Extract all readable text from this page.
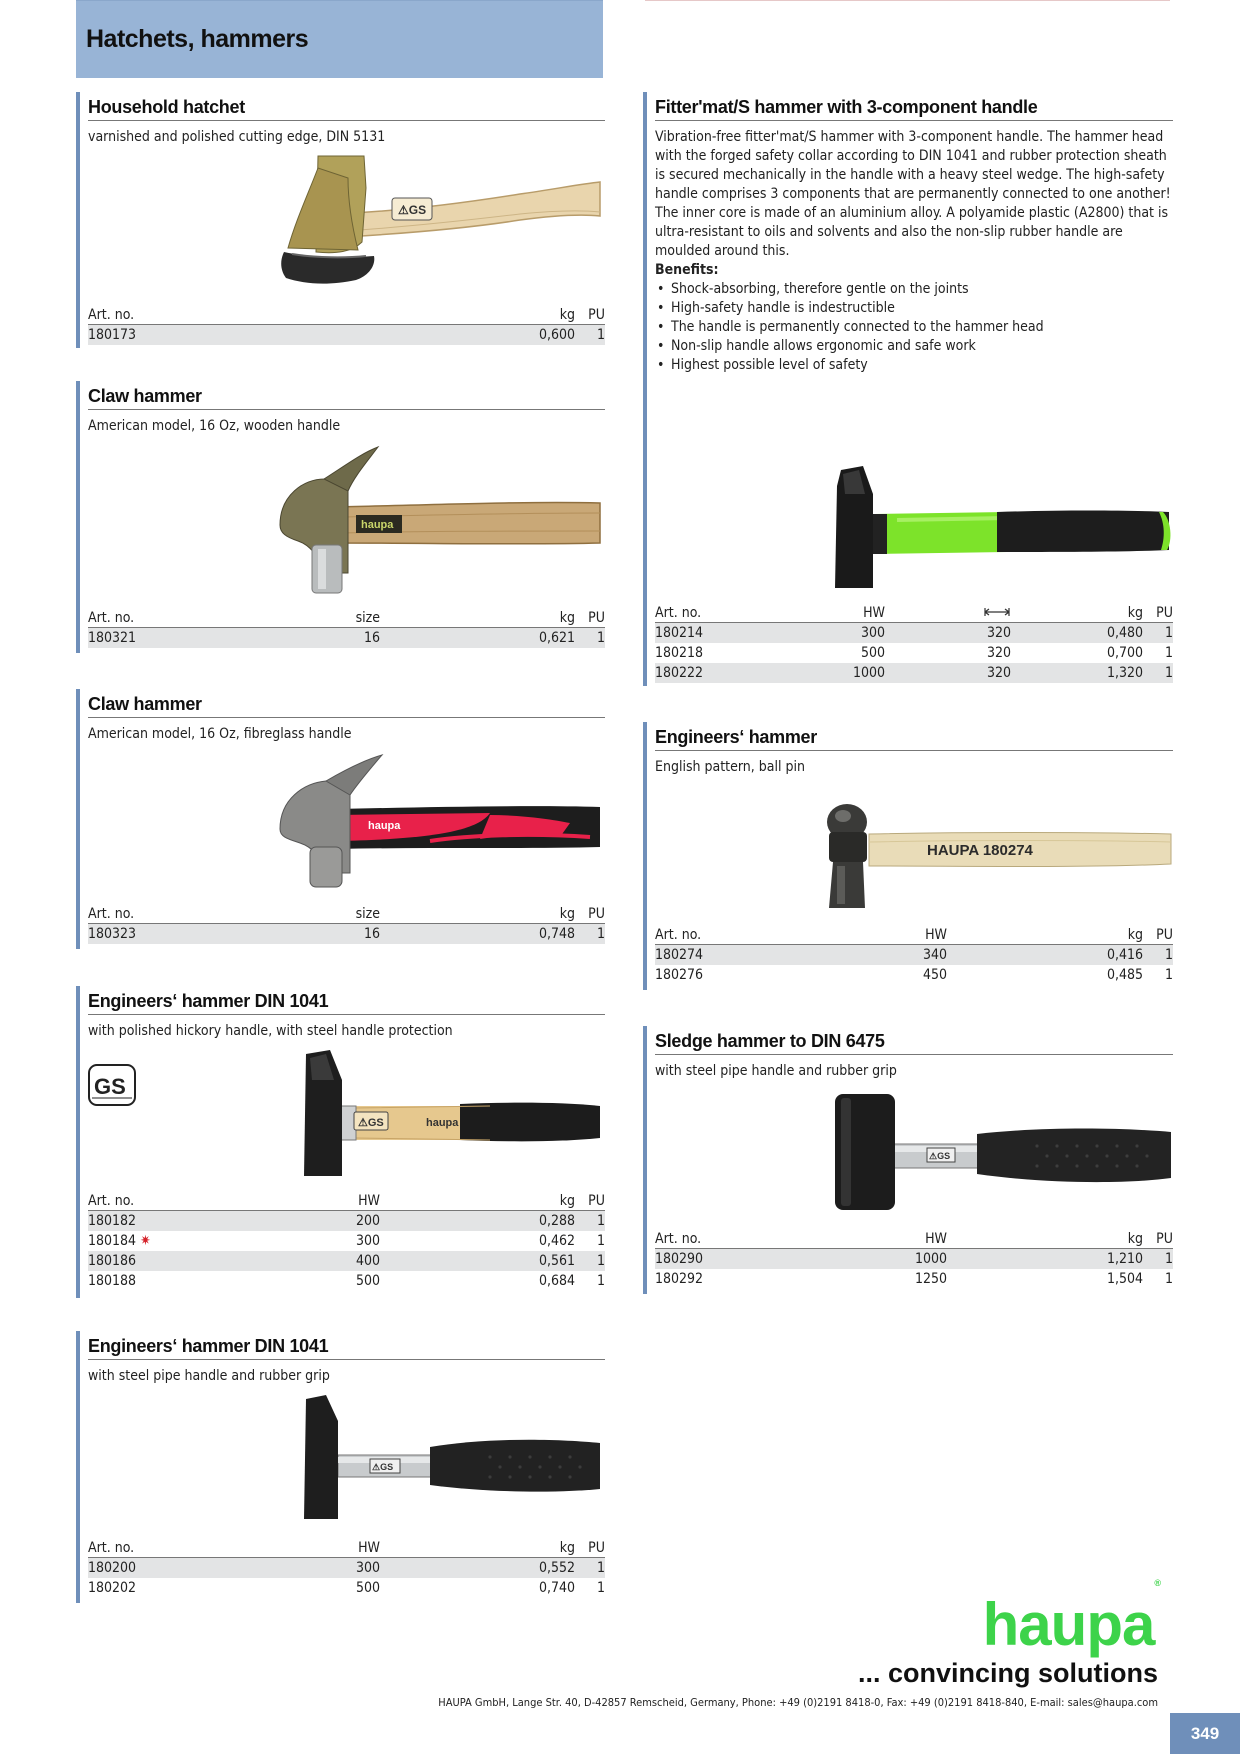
Hatchets, hammers
Household hatchet
varnished and polished cutting edge, DIN 5131
⚠GS
Art. no.	kg	PU
180173	0,600	1
Claw hammer
American model, 16 Oz, wooden handle
haupa
Art. no.	size	kg	PU
180321	16	0,621	1
Claw hammer
American model, 16 Oz, fibreglass handle
haupa
Art. no.	size	kg	PU
180323	16	0,748	1
Engineers‘ hammer DIN 1041
with polished hickory handle, with steel handle protection
⚠GS	haupa
Art. no.	HW	kg	PU
180182	200	0,288	1
180184 ✷	300	0,462	1
180186	400	0,561	1
180188	500	0,684	1
GS
Engineers‘ hammer DIN 1041
with steel pipe handle and rubber grip
⚠GS
Art. no.	HW	kg	PU
180200	300	0,552	1
180202	500	0,740	1
Fitter'mat/S hammer with 3-component handle

Vibration-free fitter'mat/S hammer with 3-component handle. The hammer head with the forged safety collar according to DIN 1041 and rubber protection sheath is secured mechanically in the handle with a heavy steel wedge. The high-safety handle comprises 3 components that are permanently connected to one another! The inner core is made of an aluminium alloy. A polyamide plastic (A2800) that is ultra-resistant to oils and solvents and also the non-slip rubber handle are moulded around this.

Benefits:

• Shock-absorbing, therefore gentle on the joints
• High-safety handle is indestructible
• The handle is permanently connected to the hammer head
• Non-slip handle allows ergonomic and safe work
• Highest possible level of safety
Art. no.	HW		kg	PU
180214	300	320	0,480	1
180218	500	320	0,700	1
180222	1000	320	1,320	1
Engineers‘ hammer
English pattern, ball pin
HAUPA 180274
Art. no.	HW	kg	PU
180274	340	0,416	1
180276	450	0,485	1
Sledge hammer to DIN 6475
with steel pipe handle and rubber grip
⚠GS
Art. no.	HW	kg	PU
180290	1000	1,210	1
180292	1250	1,504	1
haupa®
... convincing solutions
HAUPA GmbH, Lange Str. 40, D-42857 Remscheid, Germany, Phone: +49 (0)2191 8418-0, Fax: +49 (0)2191 8418-840, E-mail: sales@haupa.com
349
